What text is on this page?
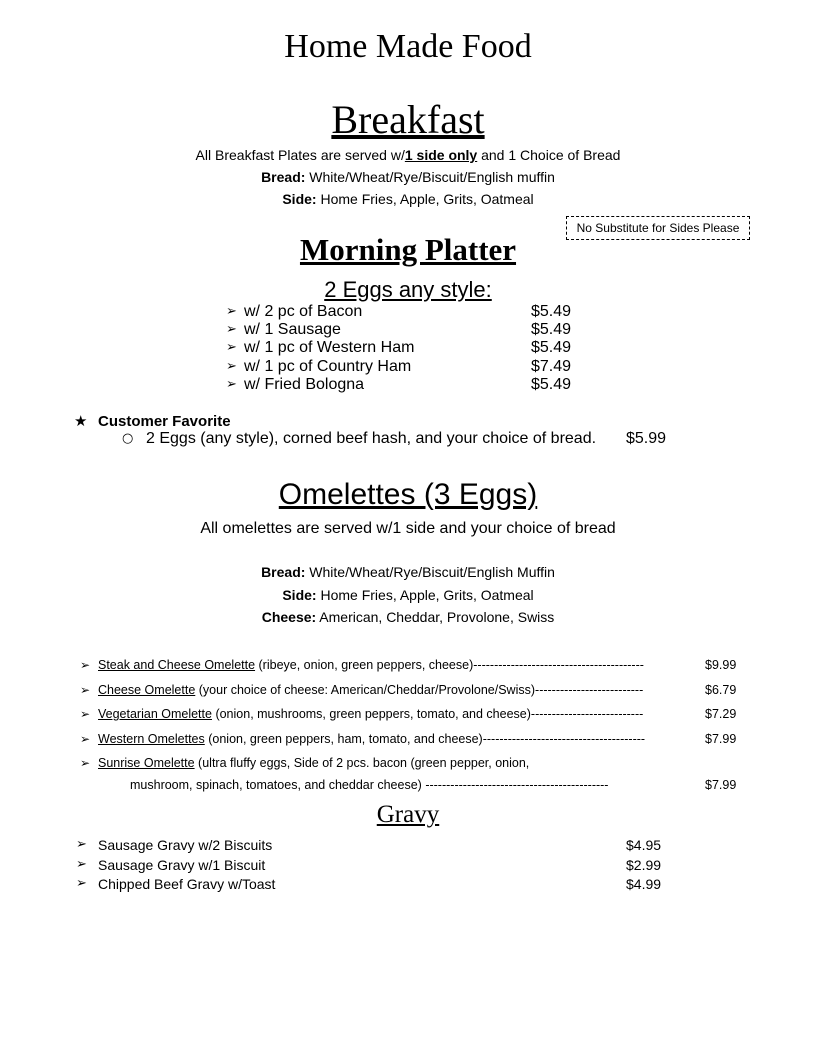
Home Made Food
Breakfast
All Breakfast Plates are served w/1 side only and 1 Choice of Bread
Bread: White/Wheat/Rye/Biscuit/English muffin
Side: Home Fries, Apple, Grits, Oatmeal
No Substitute for Sides Please
Morning Platter
2 Eggs any style:
➢ w/ 2 pc of Bacon	$5.49
➢ w/ 1 Sausage	$5.49
➢ w/ 1 pc of Western Ham	$5.49
➢ w/ 1 pc of Country Ham	$7.49
➢ w/ Fried Bologna	$5.49
★ Customer Favorite
○ 2 Eggs (any style), corned beef hash, and your choice of bread. $5.99
Omelettes (3 Eggs)
All omelettes are served w/1 side and your choice of bread
Bread: White/Wheat/Rye/Biscuit/English Muffin
Side: Home Fries, Apple, Grits, Oatmeal
Cheese: American, Cheddar, Provolone, Swiss
➢ Steak and Cheese Omelette (ribeye, onion, green peppers, cheese)-----------------------------------------	$9.99
➢ Cheese Omelette (your choice of cheese: American/Cheddar/Provolone/Swiss)--------------------------	$6.79
➢ Vegetarian Omelette (onion, mushrooms, green peppers, tomato, and cheese)---------------------------	$7.29
➢ Western Omelettes (onion, green peppers, ham, tomato, and cheese)---------------------------------------	$7.99
➢ Sunrise Omelette (ultra fluffy eggs, Side of 2 pcs. bacon (green pepper, onion,
mushroom, spinach, tomatoes, and cheddar cheese) --------------------------------------------	$7.99
Gravy
➢ Sausage Gravy w/2 Biscuits	$4.95
➢ Sausage Gravy w/1 Biscuit	$2.99
➢ Chipped Beef Gravy w/Toast	$4.99
